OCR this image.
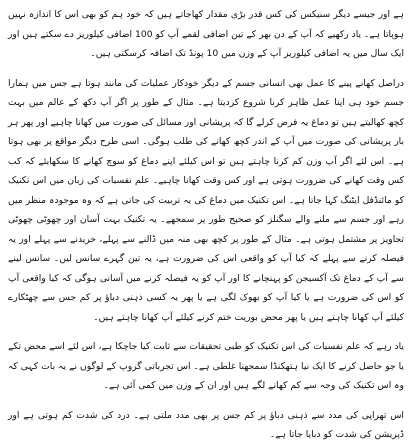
ہے اور جیسے دیگر سنیکس کی کس قدر بڑی مقدار کھاجاتے ہیں کہ خود ہم کو بھی اس کا اندازہ نہیں ہوپاتا ہے۔ یاد رکھیے کہ آپ کے دن بھر کے تین اضافی لقمے آپ کو 100 اضافی کیلوریز دے سکتے ہیں اور ایک سال میں یہ اضافی کیلوریز آپ کے وزن میں 10 پونڈ تک اضافہ کرسکتی ہیں۔

دراصل کھانے پینے کا عمل بھی انسانی جسم کے دیگر خودکار عملیات کی مانند ہوتا ہے جس میں ہمارا جسم خود ہی اپنا عمل ظاہر کرنا شروع کردیتا ہے۔ مثال کے طور پر اگر آپ دکھ کے عالم میں بہت کچھ کھالیتے ہیں تو دماغ یہ فرض کرلے گا کہ پریشانی اور مسائل کی صورت میں کھانا چاہیے اور پھر ہر بار پریشانی کی صورت میں آپ کے اندر کچھ کھانے کی طلب ہوگی۔ اسی طرح دیگر مواقع پر بھی ہوتا ہے۔ اس لئے اگر آپ وزن کم کرنا چاہتے ہیں تو اس کیلئے اپنے دماغ کو سوچ کھانے کا سکھایئے کہ کب کس وقت کھانے کی ضرورت ہوتی ہے اور کس وقت کھانا چاہیے۔ علم نفسیات کی زبان میں اس تکنیک کو مائنڈفل ایٹنگ کہا جاتا ہے۔ اس تکنیک میں دماغ کی یہ تربیت کی جاتی ہے کہ وہ موجودہ منظر میں رہے اور جسم سے ملنے والے سگنلز کو صحیح طور پر سمجھے۔ یہ تکنیک بہت آسان اور چھوٹی چھوٹی تجاویز پر مشتمل ہوتی ہے۔ مثال کے طور پر کچھ بھی منہ میں ڈالنے سے پہلے، خریدنے سے پہلے اور یہ فیصلہ کرنے سے پہلے کہ کیا آپ کو واقعی اس کی ضرورت ہے، یہ تین گہرے سانس لیں۔ سانس لینے سے آپ کے دماغ تک آکسیجن کو پہنچانے کا اور آپ کو یہ فیصلہ کرنے میں آسانی ہوگی کہ کیا واقعی آپ کو اس کی ضرورت ہے یا کیا آپ کو بھوک لگی ہے یا پھر یہ کسی ذہنی دباؤ پر کم جس سے چھٹکارے کیلئے آپ کھانا چاہتے ہیں یا پھر محض بوریت ختم کرنے کیلئے آپ کھانا چاہتے ہیں۔

یاد رہے کہ علم نفسیات کی اس تکنیک کو طبی تحقیقات سے ثابت کیا جاچکا ہے، اس لئے اسے محض تکے یا جو حاصل کرنے کا ایک نیا ہتھکنڈا سمجھنا غلطی ہے۔ اس تجرباتی گروپ کے لوگوں نے یہ بات کہی کہ وہ اس تکنیک کی وجہ سے کم کھانے لگے ہیں اور ان کے وزن میں کمی آئی ہے۔

اس تھراپی کی مدد سے ذہنی دباؤ پر کم جس پر بھی مدد ملتی ہے۔ درد کی شدت کم ہوتی ہے اور ڈپریشن کی شدت کو دبایا جاتا ہے۔
